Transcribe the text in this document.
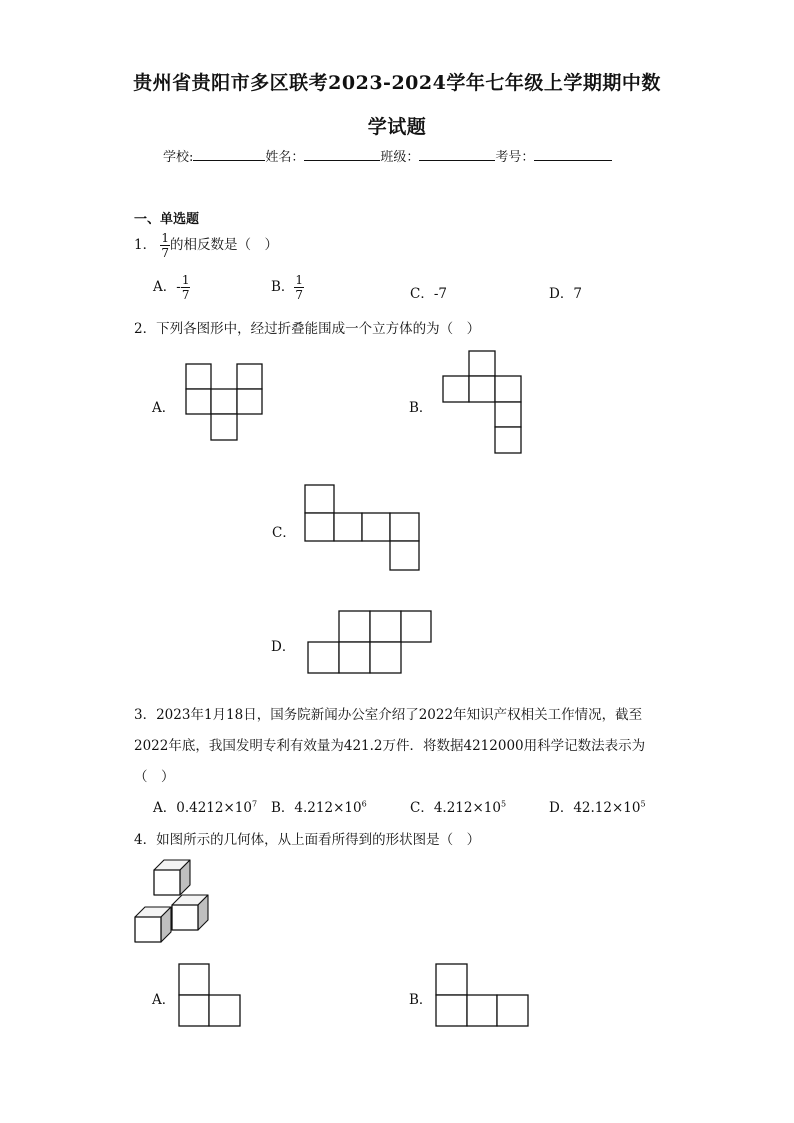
贵州省贵阳市多区联考2023-2024学年七年级上学期期中数
学试题
学校:	姓名：	班级：	考号：
一、单选题
1． $\frac{1}{7}$ 的相反数是（　）
A．- $\frac{1}{7}$	B． $\frac{1}{7}$	C．-7	D．7
2．下列各图形中，经过折叠能围成一个立方体的为（　）
A．	B．
C．
D．
3．2023年1月18日，国务院新闻办公室介绍了2022年知识产权相关工作情况，截至
2022年底，我国发明专利有效量为421.2万件．将数据4212000用科学记数法表示为
（　）
A．$0.4212\times 10^7$ B．$4.212\times 10^6$	C．$4.212\times 10^5$	D．$42.12\times 10^5$
4．如图所示的几何体，从上面看所得到的形状图是（　）
A．	B．
